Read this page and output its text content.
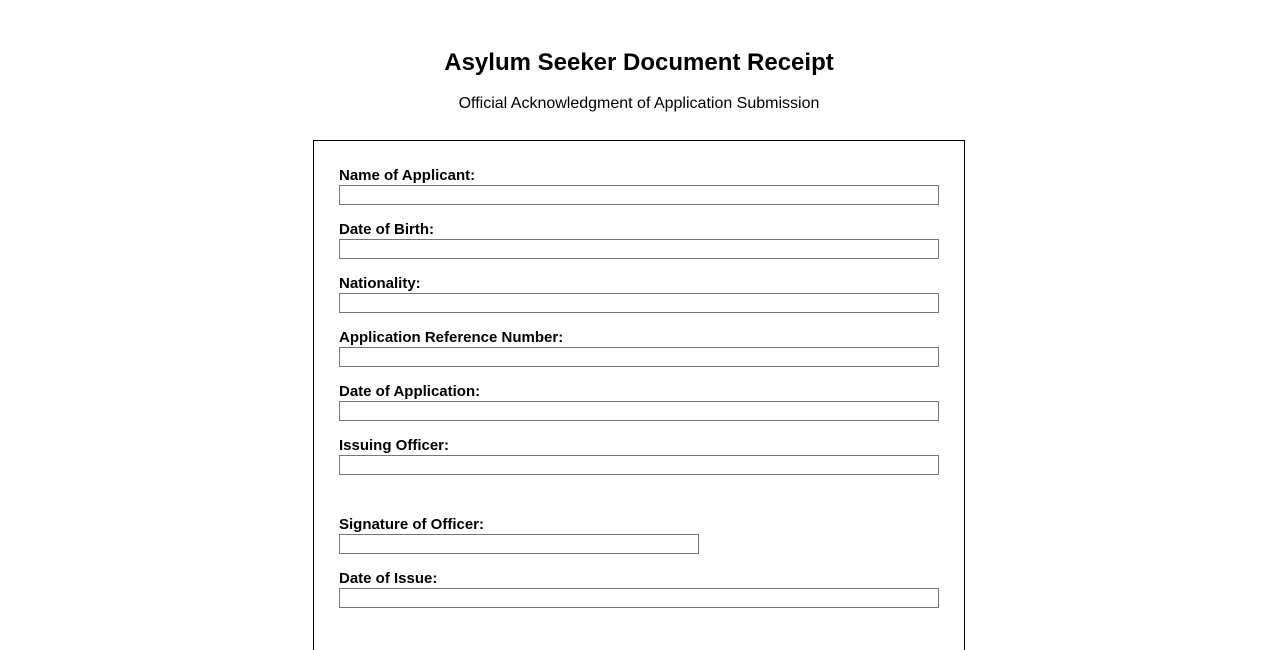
Asylum Seeker Document Receipt

Official Acknowledgment of Application Submission

Name of Applicant:
Date of Birth:
Nationality:
Application Reference Number:
Date of Application:
Issuing Officer:
Signature of Officer:
Date of Issue:
